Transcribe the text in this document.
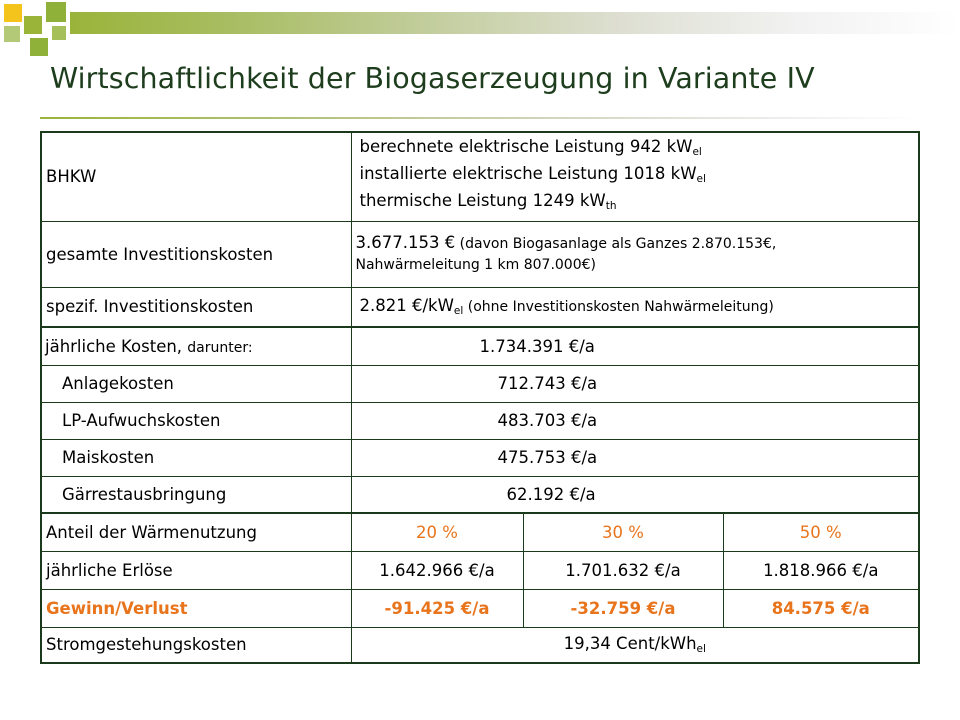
Wirtschaftlichkeit der Biogaserzeugung in Variante IV
BHKW	berechnete elektrische Leistung 942 $kW_{el}$
installierte elektrische Leistung 1018 $kW_{el}$
thermische Leistung 1249 $kW_{th}$

gesamte Investitionskosten	3.677.153 € (davon Biogasanlage als Ganzes 2.870.153€,
Nahwärmeleitung 1 km 807.000€)		

spezif. Investitionskosten	2.821 $€/kW_{el}$ (ohne Investitionskosten Nahwärmeleitung)		
jährliche Kosten, darunter:	1.734.391 €/a		
Anlagekosten	712.743 €/a		
LP-Aufwuchskosten	483.703 €/a		
Maiskosten	475.753 €/a		
Gärrestausbringung	62.192 €/a		
Anteil der Wärmenutzung	20 %	30 %	50 %
jährliche Erlöse	1.642.966 €/a	1.701.632 €/a	1.818.966 €/a
Gewinn/Verlust	-91.425 €/a	-32.759 €/a	84.575 €/a
Stromgestehungskosten	19,34 Cent/kWh$_{el}$
